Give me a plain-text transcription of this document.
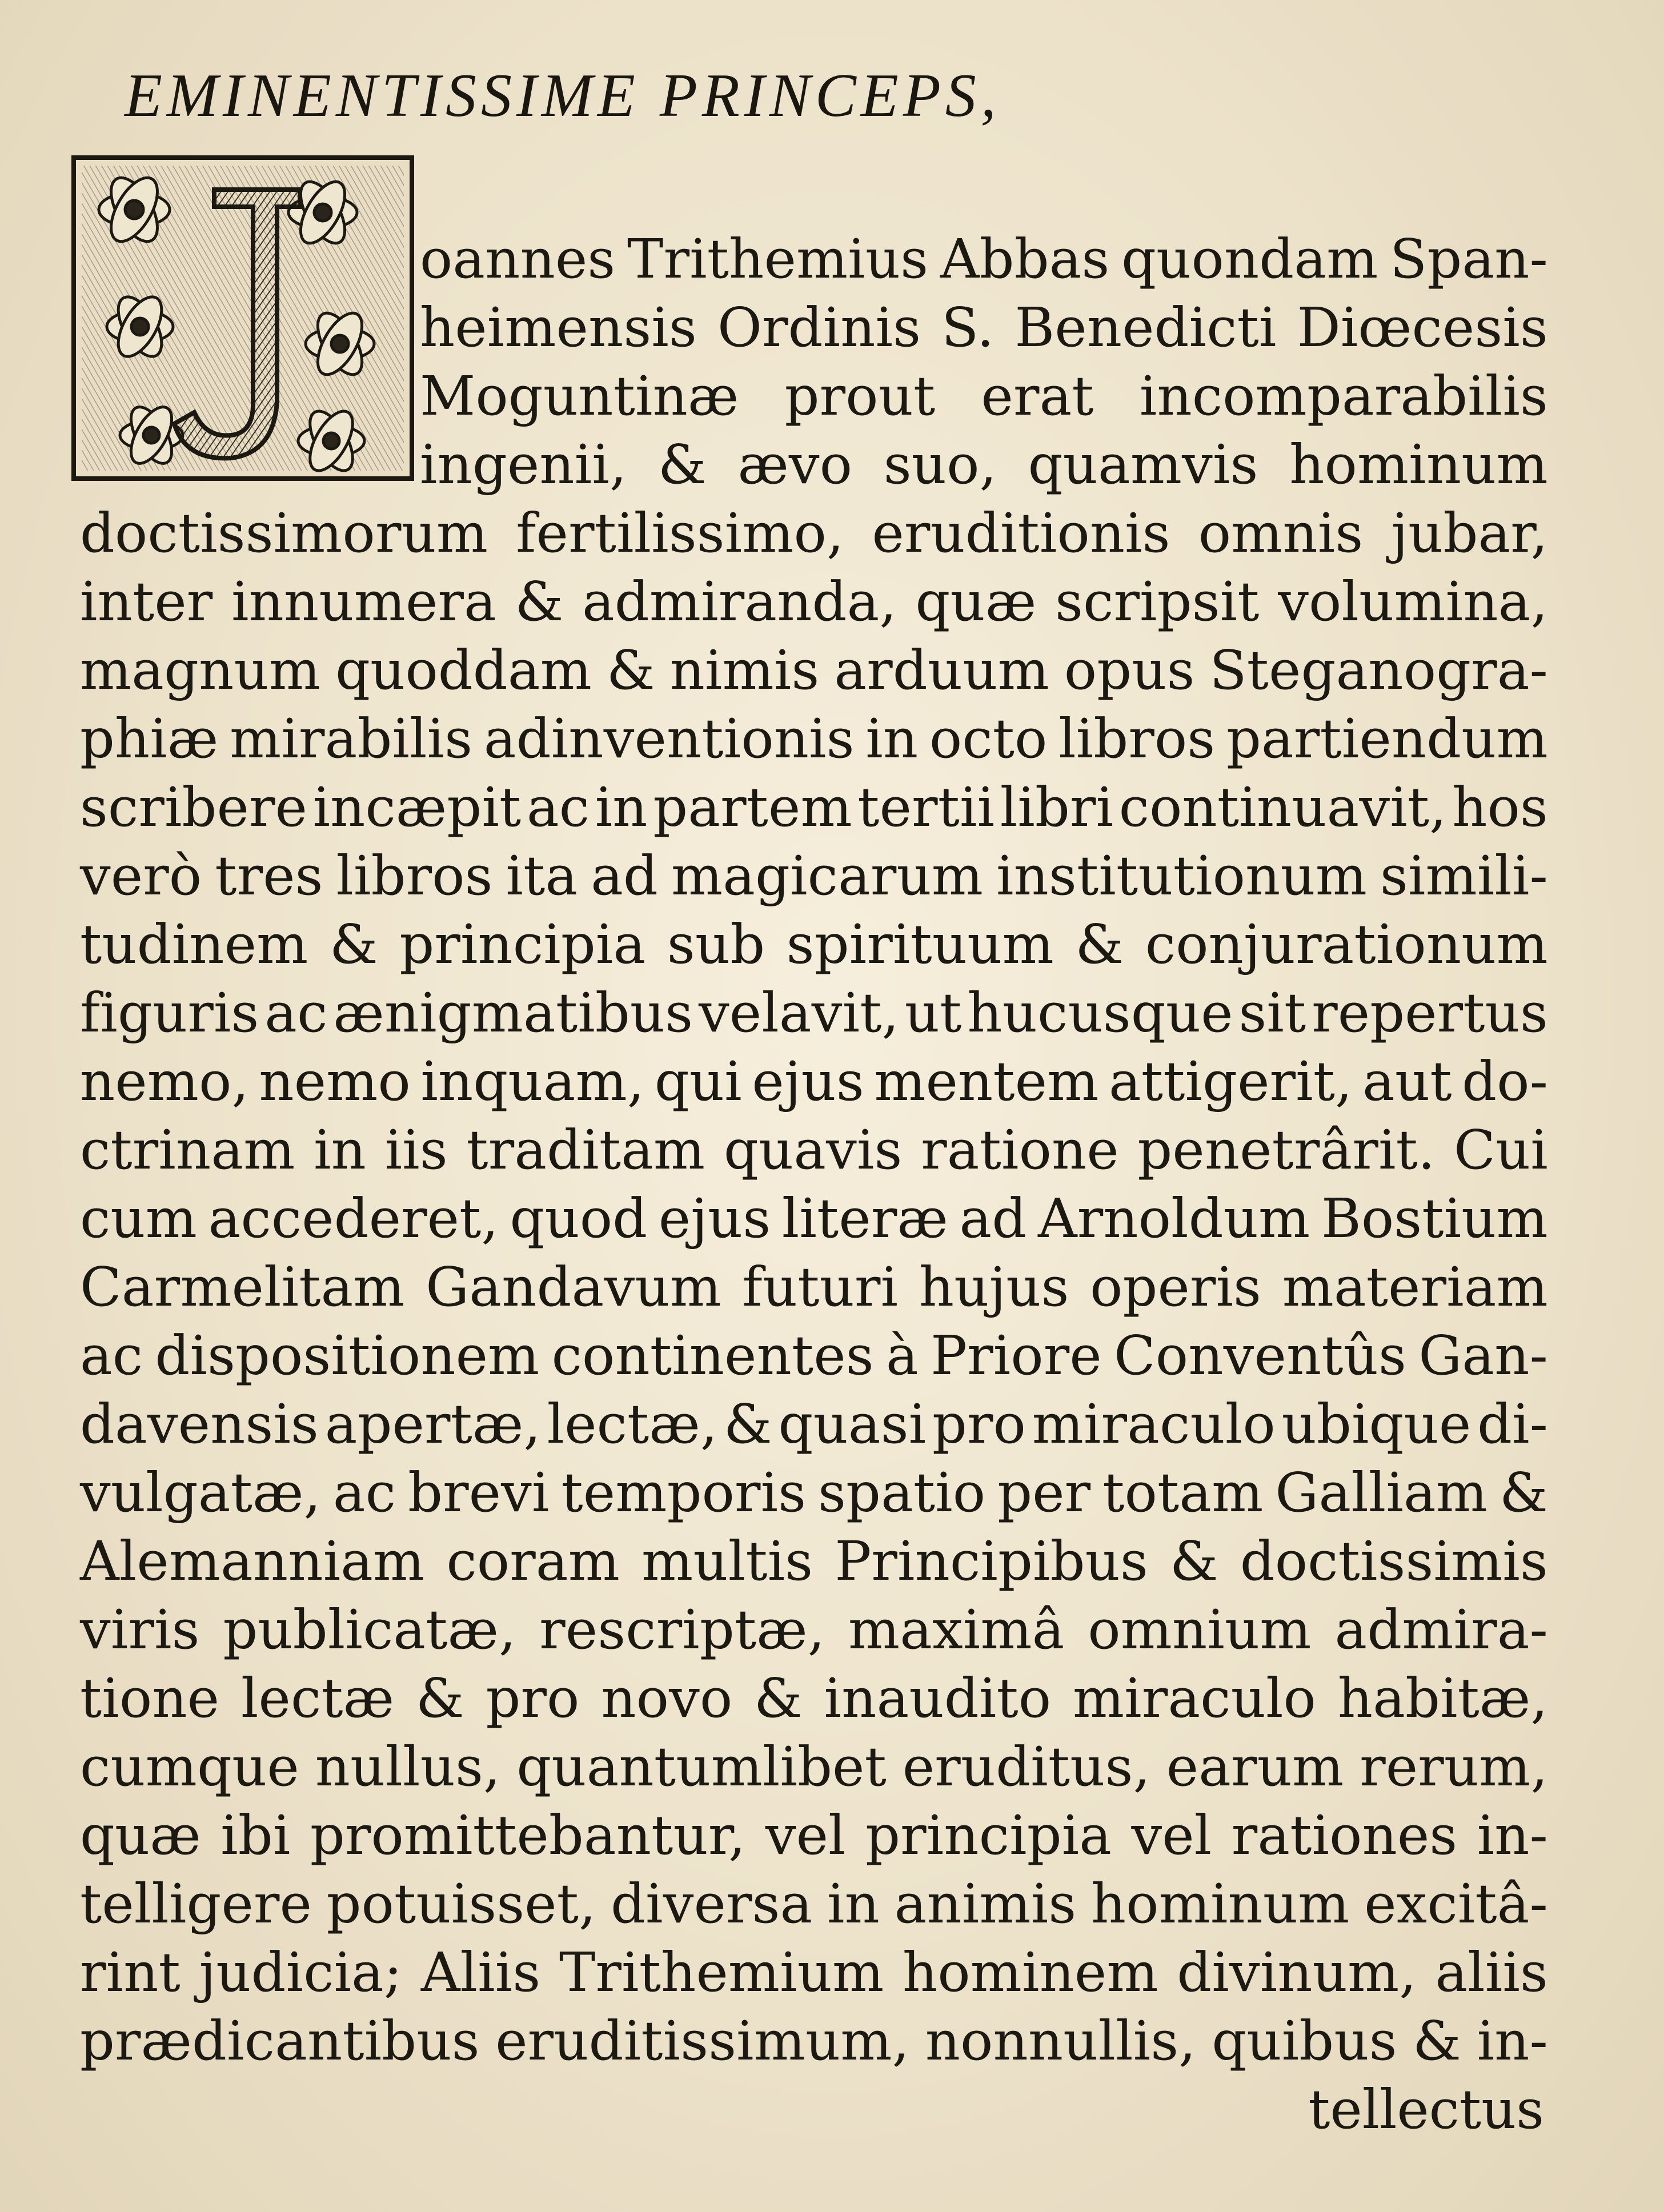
EMINENTISSIME PRINCEPS,
oannes Trithemius Abbas quondam Span-
heimensis Ordinis S. Benedicti Diœcesis
Moguntinæ prout erat incomparabilis
ingenii, & ævo suo, quamvis hominum
doctissimorum fertilissimo, eruditionis omnis jubar,
inter innumera & admiranda, quæ scripsit volumina,
magnum quoddam & nimis arduum opus Steganogra-
phiæ mirabilis adinventionis in octo libros partiendum
scribere incæpit ac in partem tertii libri continuavit, hos
verò tres libros ita ad magicarum institutionum simili-
tudinem & principia sub spirituum & conjurationum
figuris ac ænigmatibus velavit, ut hucusque sit repertus
nemo, nemo inquam, qui ejus mentem attigerit, aut do-
ctrinam in iis traditam quavis ratione penetrârit. Cui
cum accederet, quod ejus literæ ad Arnoldum Bostium
Carmelitam Gandavum futuri hujus operis materiam
ac dispositionem continentes à Priore Conventûs Gan-
davensis apertæ, lectæ, & quasi pro miraculo ubique di-
vulgatæ, ac brevi temporis spatio per totam Galliam &
Alemanniam coram multis Principibus & doctissimis
viris publicatæ, rescriptæ, maximâ omnium admira-
tione lectæ & pro novo & inaudito miraculo habitæ,
cumque nullus, quantumlibet eruditus, earum rerum,
quæ ibi promittebantur, vel principia vel rationes in-
telligere potuisset, diversa in animis hominum excitâ-
rint judicia; Aliis Trithemium hominem divinum, aliis
prædicantibus eruditissimum, nonnullis, quibus & in-
tellectus
